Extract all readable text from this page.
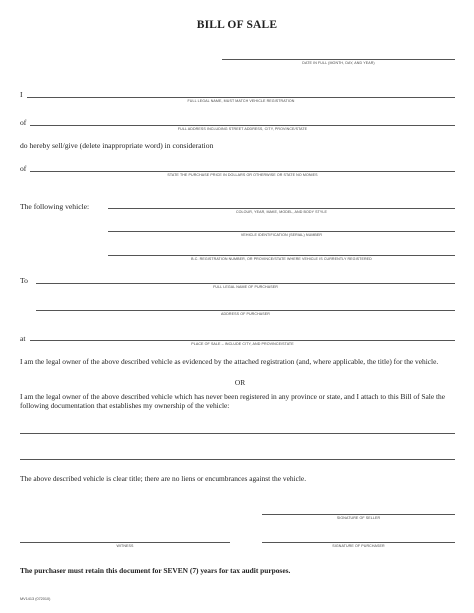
BILL OF SALE
DATE IN FULL (MONTH, DAY, AND YEAR)
I
FULL LEGAL NAME, MUST MATCH VEHICLE REGISTRATION
of
FULL ADDRESS INCLUDING STREET ADDRESS, CITY, PROVINCE/STATE
do hereby sell/give (delete inappropriate word) in consideration
of
STATE THE PURCHASE PRICE IN DOLLARS OR OTHERWISE OR STATE NO MONIES
The following vehicle:
COLOUR, YEAR, MAKE, MODEL, AND BODY STYLE
VEHICLE IDENTIFICATION (SERIAL) NUMBER
B.C. REGISTRATION NUMBER, OR PROVINCE/STATE WHERE VEHICLE IS CURRENTLY REGISTERED
To
FULL LEGAL NAME OF PURCHASER
ADDRESS OF PURCHASER
at
PLACE OF SALE – INCLUDE CITY, AND PROVINCE/STATE
I am the legal owner of the above described vehicle as evidenced by the attached registration (and, where applicable, the title) for the vehicle.
OR
I am the legal owner of the above described vehicle which has never been registered in any province or state, and I attach to this Bill of Sale the following documentation that establishes my ownership of the vehicle:
The above described vehicle is clear title; there are no liens or encumbrances against the vehicle.
SIGNATURE OF SELLER
WITNESS	SIGNATURE OF PURCHASER
The purchaser must retain this document for SEVEN (7) years for tax audit purposes.
MV1413 (072010)
